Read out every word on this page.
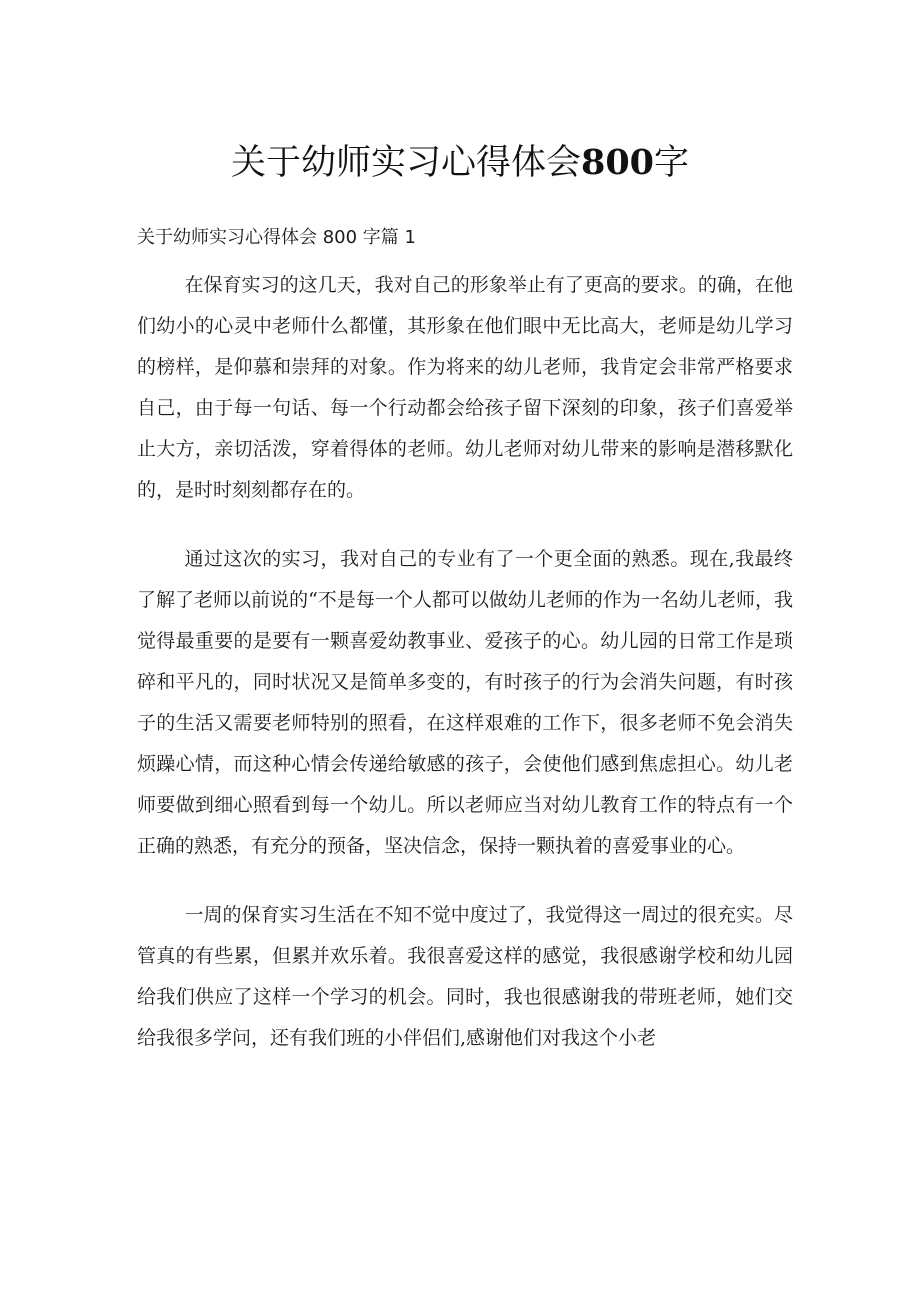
关于幼师实习心得体会800字
关于幼师实习心得体会 800 字篇 1

在保育实习的这几天，我对自己的形象举止有了更高的要求。的确，在他们幼小的心灵中老师什么都懂，其形象在他们眼中无比高大，老师是幼儿学习的榜样，是仰慕和崇拜的对象。作为将来的幼儿老师，我肯定会非常严格要求自己，由于每一句话、每一个行动都会给孩子留下深刻的印象，孩子们喜爱举止大方，亲切活泼，穿着得体的老师。幼儿老师对幼儿带来的影响是潜移默化的，是时时刻刻都存在的。

通过这次的实习，我对自己的专业有了一个更全面的熟悉。现在,我最终了解了老师以前说的“不是每一个人都可以做幼儿老师的作为一名幼儿老师，我觉得最重要的是要有一颗喜爱幼教事业、爱孩子的心。幼儿园的日常工作是琐碎和平凡的，同时状况又是简单多变的，有时孩子的行为会消失问题，有时孩子的生活又需要老师特别的照看，在这样艰难的工作下，很多老师不免会消失烦躁心情，而这种心情会传递给敏感的孩子，会使他们感到焦虑担心。幼儿老师要做到细心照看到每一个幼儿。所以老师应当对幼儿教育工作的特点有一个正确的熟悉，有充分的预备，坚决信念，保持一颗执着的喜爱事业的心。

一周的保育实习生活在不知不觉中度过了，我觉得这一周过的很充实。尽管真的有些累，但累并欢乐着。我很喜爱这样的感觉，我很感谢学校和幼儿园给我们供应了这样一个学习的机会。同时，我也很感谢我的带班老师，她们交给我很多学问，还有我们班的小伴侣们,感谢他们对我这个小老
